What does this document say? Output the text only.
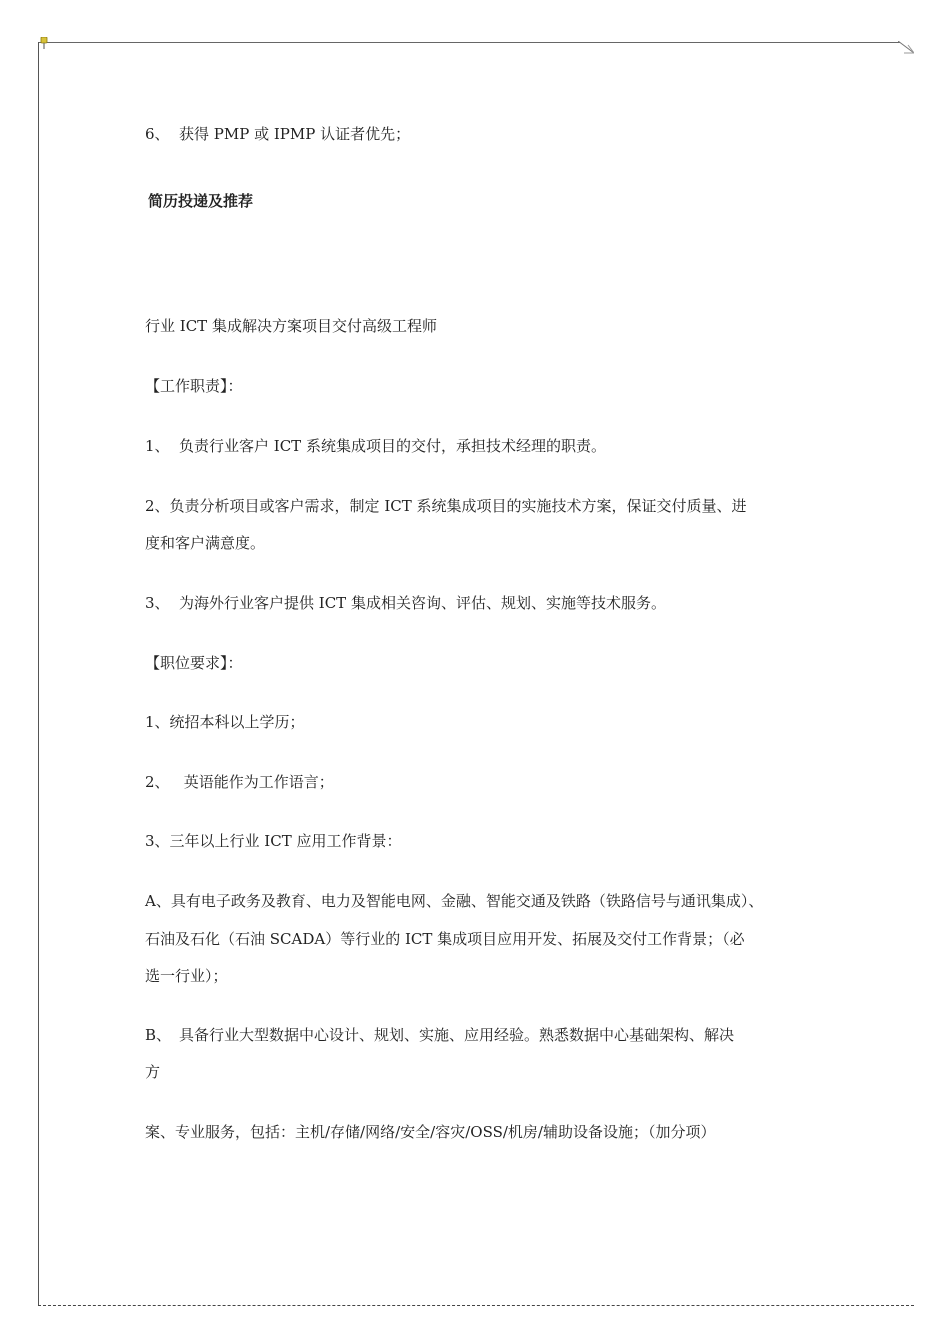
6、 获得 PMP 或 IPMP 认证者优先；
简历投递及推荐
行业 ICT 集成解决方案项目交付高级工程师
【工作职责】：
1、 负责行业客户 ICT 系统集成项目的交付，承担技术经理的职责。
2、负责分析项目或客户需求，制定 ICT 系统集成项目的实施技术方案，保证交付质量、进
度和客户满意度。
3、 为海外行业客户提供 ICT 集成相关咨询、评估、规划、实施等技术服务。
【职位要求】：
1、统招本科以上学历；
2、 英语能作为工作语言；
3、三年以上行业 ICT 应用工作背景：
A、具有电子政务及教育、电力及智能电网、金融、智能交通及铁路（铁路信号与通讯集成）、
石油及石化（石油 SCADA）等行业的 ICT 集成项目应用开发、拓展及交付工作背景；（必
选一行业）；
B、 具备行业大型数据中心设计、规划、实施、应用经验。熟悉数据中心基础架构、解决
方
案、专业服务，包括：主机/存储/网络/安全/容灾/OSS/机房/辅助设备设施；（加分项）
